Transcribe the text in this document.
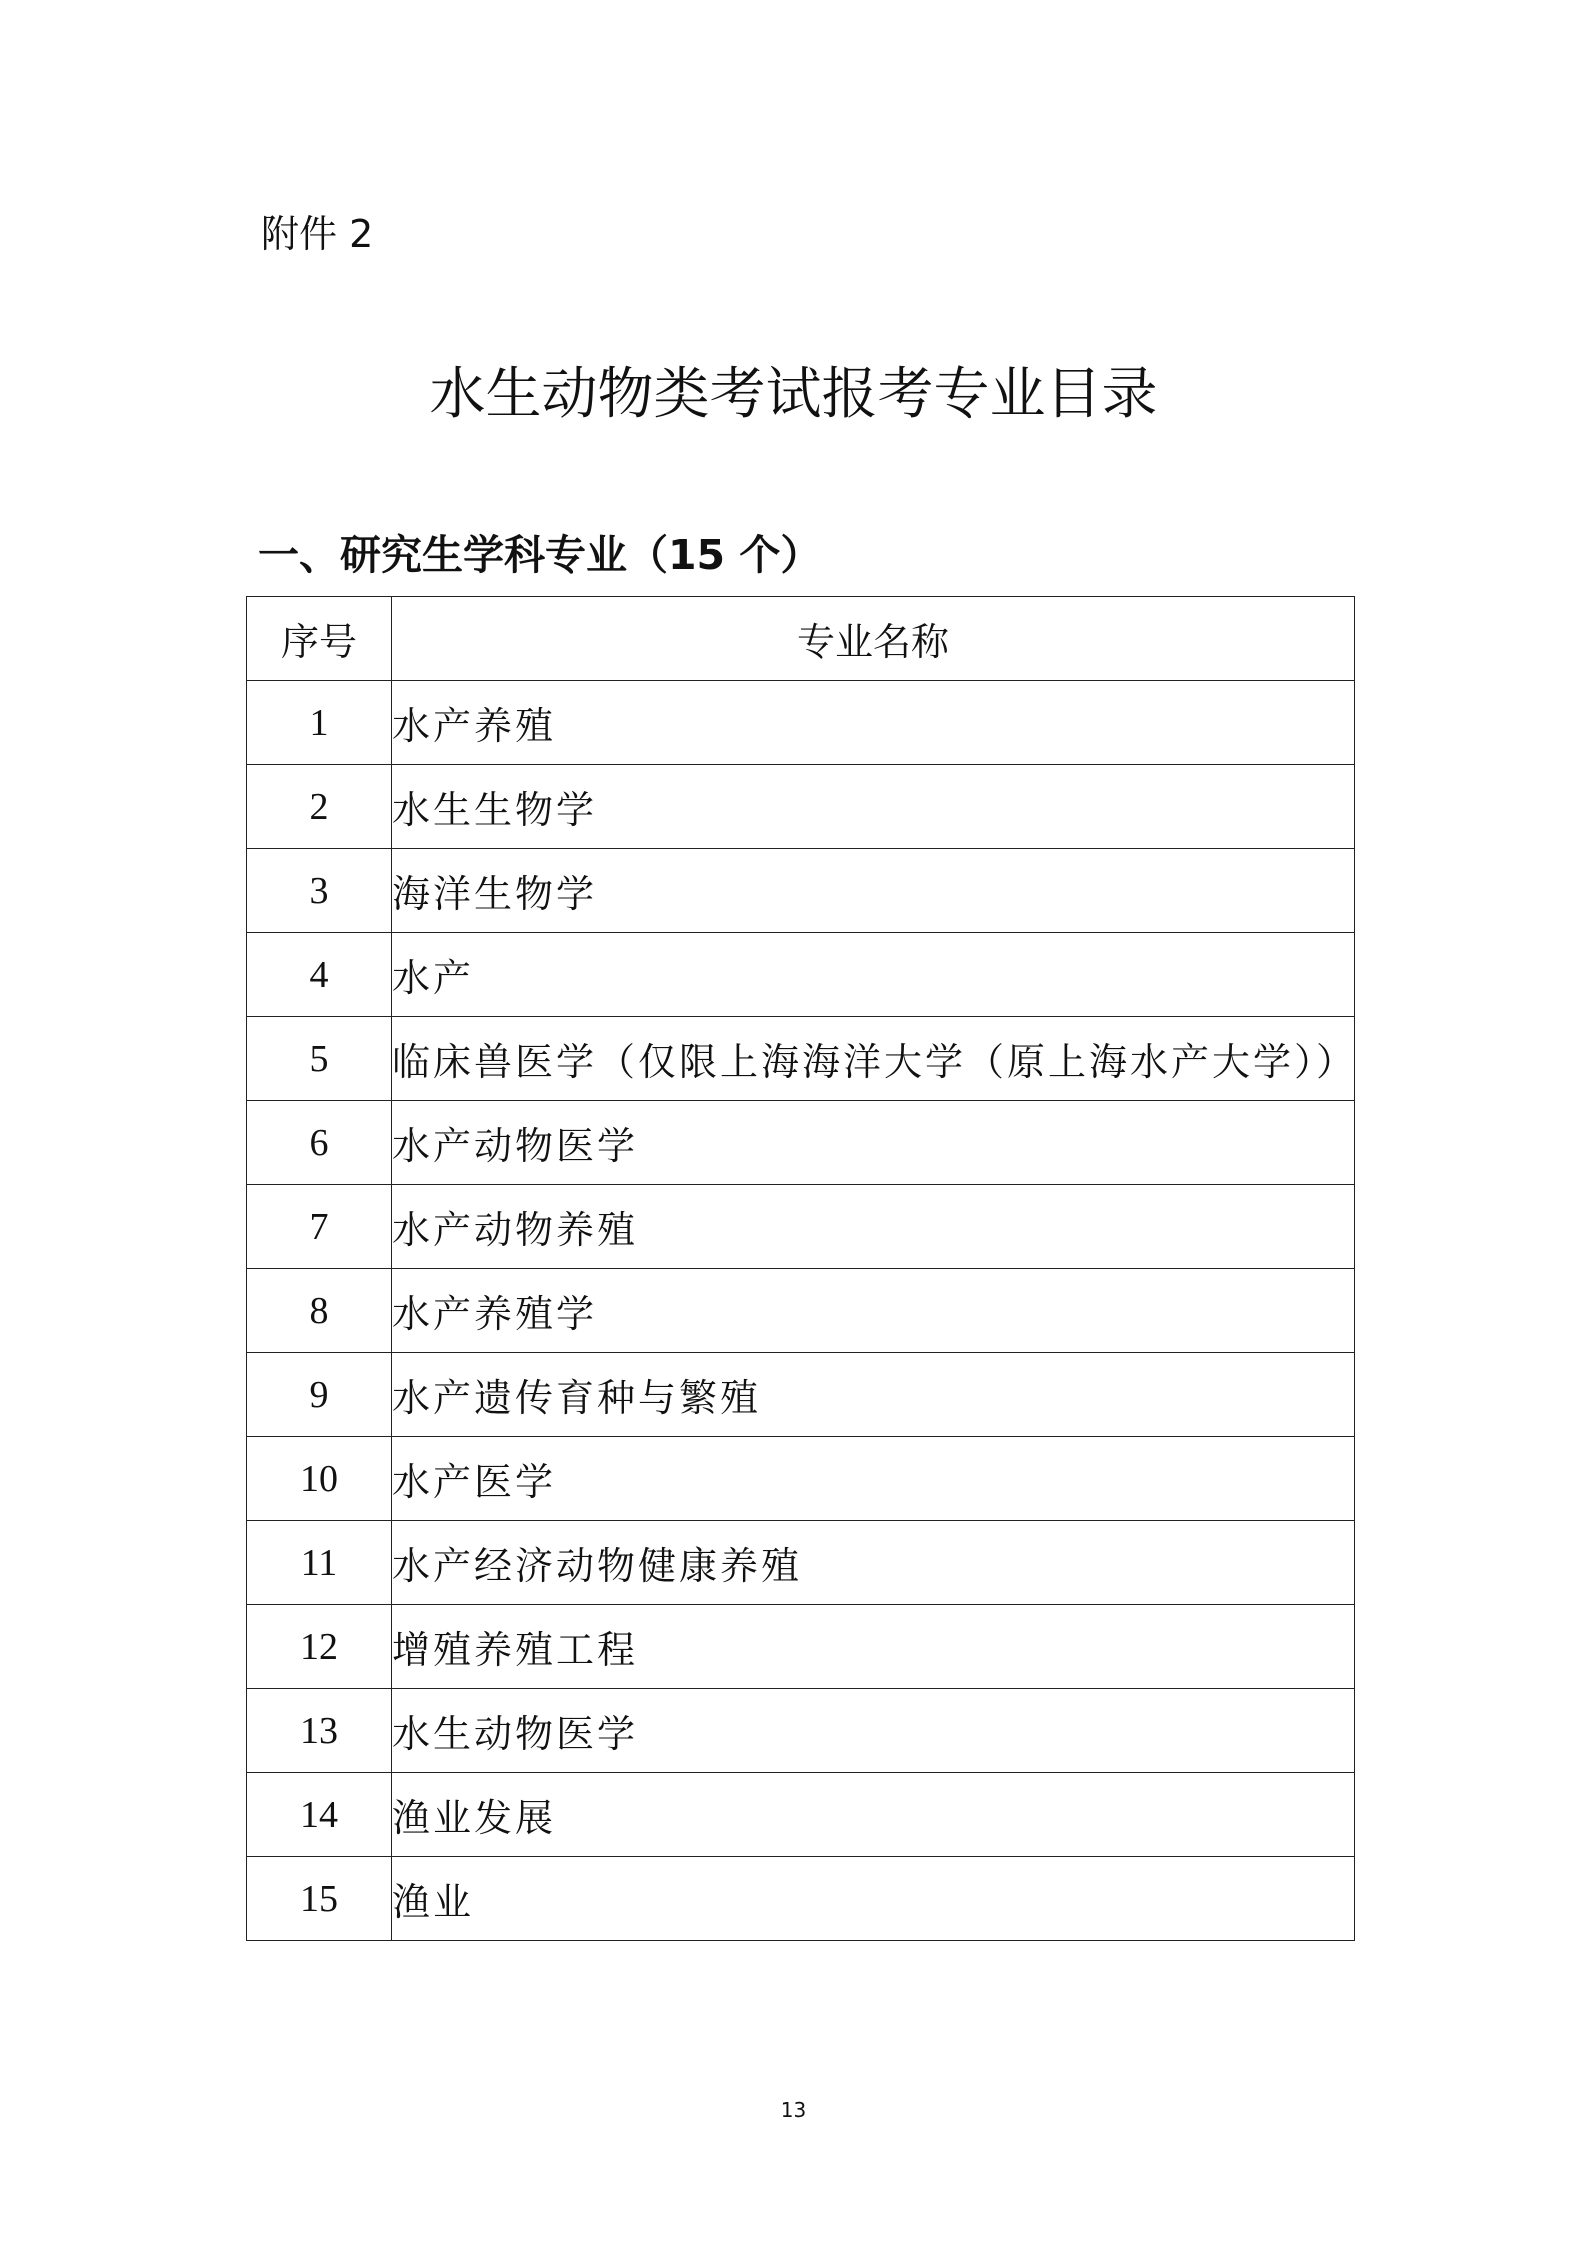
附件 2
水生动物类考试报考专业目录
一、研究生学科专业（15 个）
序号	专业名称
1	水产养殖
2	水生生物学
3	海洋生物学
4	水产
5	临床兽医学（仅限上海海洋大学（原上海水产大学））
6	水产动物医学
7	水产动物养殖
8	水产养殖学
9	水产遗传育种与繁殖
10	水产医学
11	水产经济动物健康养殖
12	增殖养殖工程
13	水生动物医学
14	渔业发展
15	渔业
13
